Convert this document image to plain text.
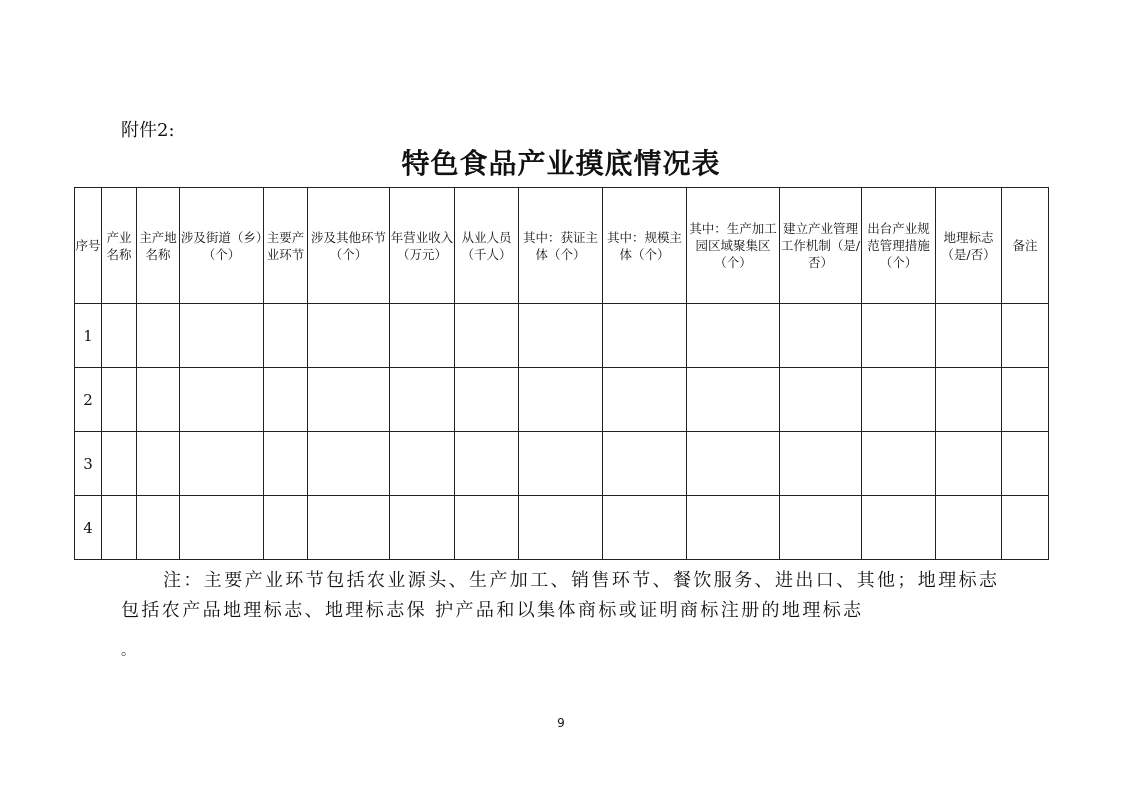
附件2:
特色食品产业摸底情况表
序号	产业名称	主产地名称	涉及街道（乡）（个）	主要产业环节	涉及其他环节（个）	年营业收入（万元）	从业人员（千人）	其中：获证主体（个）	其中：规模主体（个）	其中：生产加工园区域聚集区（个）	建立产业管理工作机制（是/否）	出台产业规范管理措施（个）	地理标志（是/否）	备注
1														
2														
3														
4														
注：主要产业环节包括农业源头、生产加工、销售环节、餐饮服务、进出口、其他；地理标志包括农产品地理标志、地理标志保 护产品和以集体商标或证明商标注册的地理标志
。
9
